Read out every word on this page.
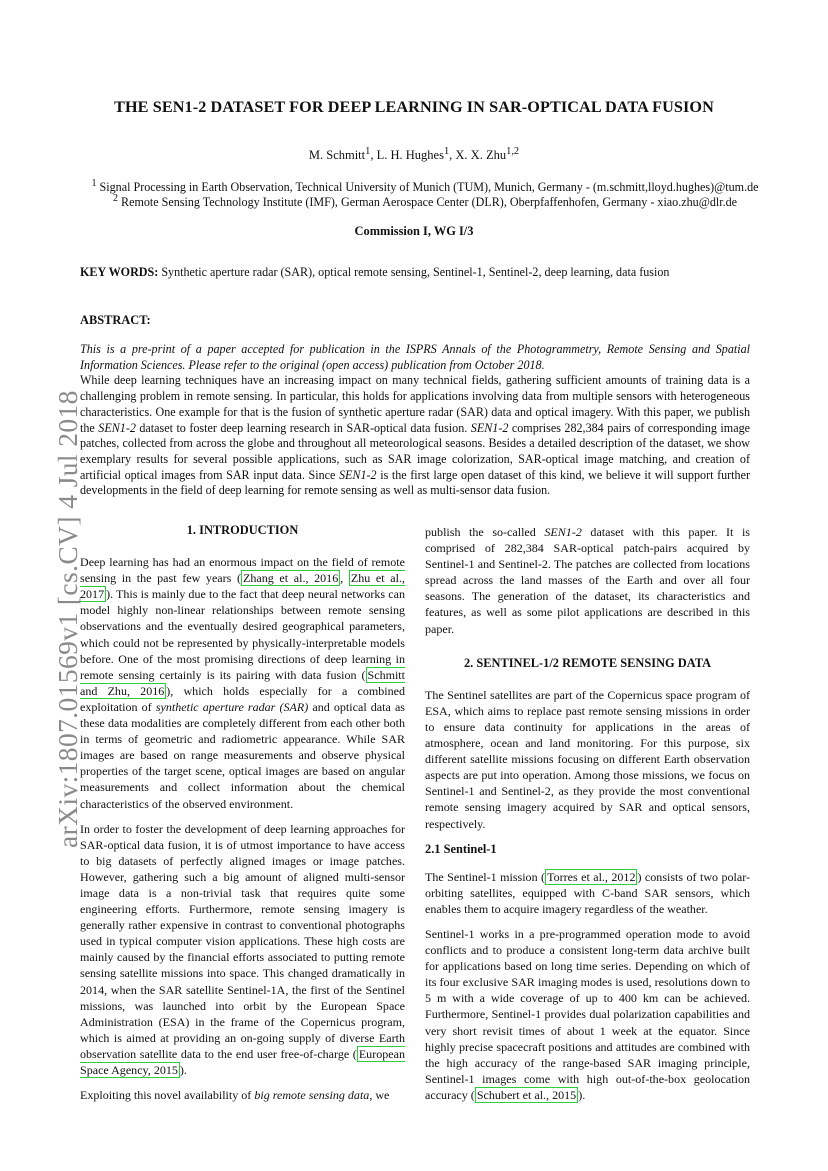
THE SEN1-2 DATASET FOR DEEP LEARNING IN SAR-OPTICAL DATA FUSION
M. Schmitt$^1$, L. H. Hughes$^1$, X. X. Zhu$^{1,2}$
$^1$ Signal Processing in Earth Observation, Technical University of Munich (TUM), Munich, Germany - (m.schmitt,lloyd.hughes)@tum.de
$^2$ Remote Sensing Technology Institute (IMF), German Aerospace Center (DLR), Oberpfaffenhofen, Germany - xiao.zhu@dlr.de
Commission I, WG I/3
KEY WORDS: Synthetic aperture radar (SAR), optical remote sensing, Sentinel-1, Sentinel-2, deep learning, data fusion
ABSTRACT:

This is a pre-print of a paper accepted for publication in the ISPRS Annals of the Photogrammetry, Remote Sensing and Spatial Information Sciences. Please refer to the original (open access) publication from October 2018.

While deep learning techniques have an increasing impact on many technical fields, gathering sufficient amounts of training data is a challenging problem in remote sensing. In particular, this holds for applications involving data from multiple sensors with heterogeneous characteristics. One example for that is the fusion of synthetic aperture radar (SAR) data and optical imagery. With this paper, we publish the SEN1-2 dataset to foster deep learning research in SAR-optical data fusion. SEN1-2 comprises 282,384 pairs of corresponding image patches, collected from across the globe and throughout all meteorological seasons. Besides a detailed description of the dataset, we show exemplary results for several possible applications, such as SAR image colorization, SAR-optical image matching, and creation of artificial optical images from SAR input data. Since SEN1-2 is the first large open dataset of this kind, we believe it will support further developments in the field of deep learning for remote sensing as well as multi-sensor data fusion.

arXiv:1807.01569v1 [cs.CV] 4 Jul 2018	1. INTRODUCTION

Deep learning has had an enormous impact on the field of remote sensing in the past few years ( Zhang et al., 2016 , Zhu et al., 2017 ). This is mainly due to the fact that deep neural networks can model highly non-linear relationships between remote sensing observations and the eventually desired geographical parameters, which could not be represented by physically-interpretable models before. One of the most promising directions of deep learning in remote sensing certainly is its pairing with data fusion ( Schmitt and Zhu, 2016 ), which holds especially for a combined exploitation of synthetic aperture radar (SAR) and optical data as these data modalities are completely different from each other both in terms of geometric and radiometric appearance. While SAR images are based on range measurements and observe physical properties of the target scene, optical images are based on angular measurements and collect information about the chemical characteristics of the observed environment.

In order to foster the development of deep learning approaches for SAR-optical data fusion, it is of utmost importance to have access to big datasets of perfectly aligned images or image patches. However, gathering such a big amount of aligned multi-sensor image data is a non-trivial task that requires quite some engineering efforts. Furthermore, remote sensing imagery is generally rather expensive in contrast to conventional photographs used in typical computer vision applications. These high costs are mainly caused by the financial efforts associated to putting remote sensing satellite missions into space. This changed dramatically in 2014, when the SAR satellite Sentinel-1A, the first of the Sentinel missions, was launched into orbit by the European Space Administration (ESA) in the frame of the Copernicus program, which is aimed at providing an on-going supply of diverse Earth observation satellite data to the end user free-of-charge ( European Space Agency, 2015 ).

Exploiting this novel availability of big remote sensing data, we

publish the so-called SEN1-2 dataset with this paper. It is comprised of 282,384 SAR-optical patch-pairs acquired by Sentinel-1 and Sentinel-2. The patches are collected from locations spread across the land masses of the Earth and over all four seasons. The generation of the dataset, its characteristics and features, as well as some pilot applications are described in this paper.

2. SENTINEL-1/2 REMOTE SENSING DATA

The Sentinel satellites are part of the Copernicus space program of ESA, which aims to replace past remote sensing missions in order to ensure data continuity for applications in the areas of atmosphere, ocean and land monitoring. For this purpose, six different satellite missions focusing on different Earth observation aspects are put into operation. Among those missions, we focus on Sentinel-1 and Sentinel-2, as they provide the most conventional remote sensing imagery acquired by SAR and optical sensors, respectively.

2.1 Sentinel-1

The Sentinel-1 mission ( Torres et al., 2012 ) consists of two polar-orbiting satellites, equipped with C-band SAR sensors, which enables them to acquire imagery regardless of the weather.

Sentinel-1 works in a pre-programmed operation mode to avoid conflicts and to produce a consistent long-term data archive built for applications based on long time series. Depending on which of its four exclusive SAR imaging modes is used, resolutions down to 5 m with a wide coverage of up to 400 km can be achieved. Furthermore, Sentinel-1 provides dual polarization capabilities and very short revisit times of about 1 week at the equator. Since highly precise spacecraft positions and attitudes are combined with the high accuracy of the range-based SAR imaging principle, Sentinel-1 images come with high out-of-the-box geolocation accuracy ( Schubert et al., 2015 ).
